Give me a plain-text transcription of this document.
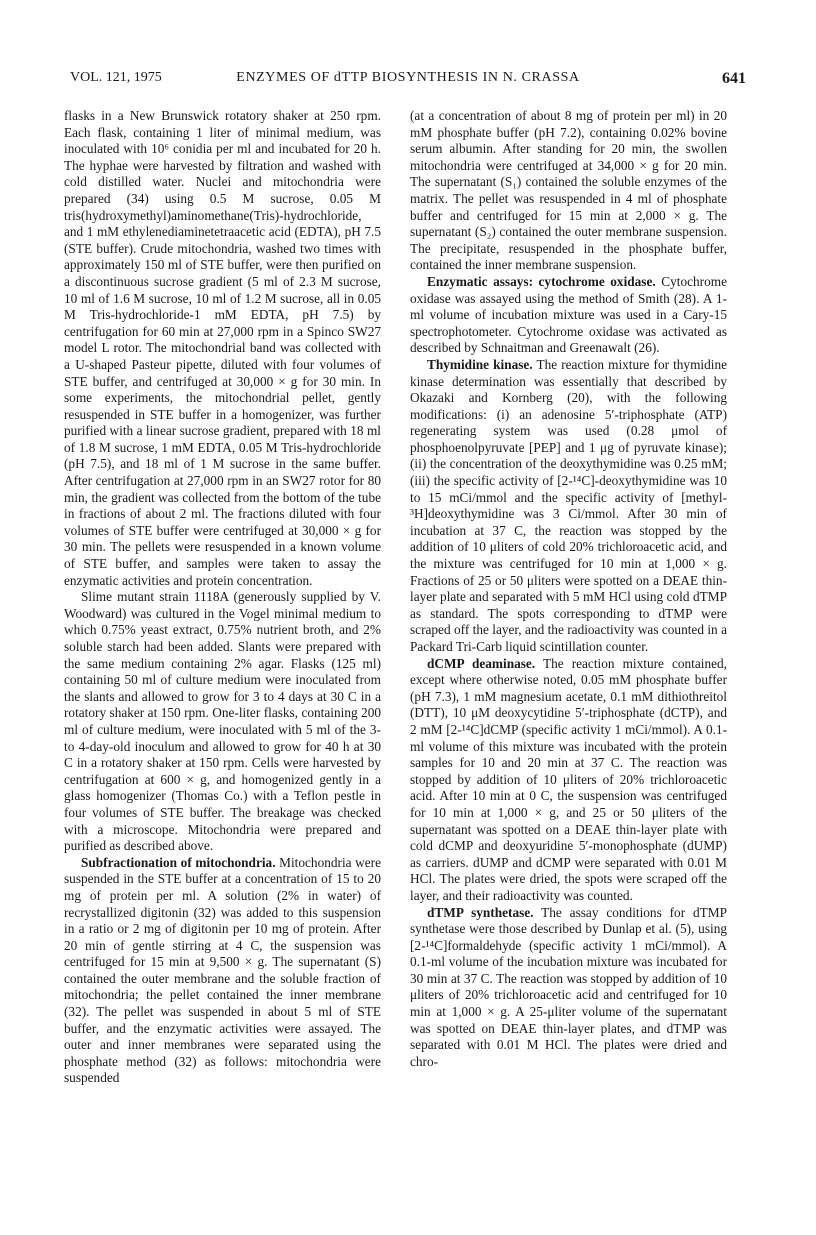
VOL. 121, 1975	ENZYMES OF dTTP BIOSYNTHESIS IN N. CRASSA	641

flasks in a New Brunswick rotatory shaker at 250 rpm. Each flask, containing 1 liter of minimal medium, was inoculated with 10⁶ conidia per ml and incubated for 20 h. The hyphae were harvested by filtration and washed with cold distilled water. Nuclei and mitochondria were prepared (34) using 0.5 M sucrose, 0.05 M tris(hydroxymethyl)aminomethane(Tris)-hydrochloride, and 1 mM ethylenediaminetetraacetic acid (EDTA), pH 7.5 (STE buffer). Crude mitochondria, washed two times with approximately 150 ml of STE buffer, were then purified on a discontinuous sucrose gradient (5 ml of 2.3 M sucrose, 10 ml of 1.6 M sucrose, 10 ml of 1.2 M sucrose, all in 0.05 M Tris-hydrochloride-1 mM EDTA, pH 7.5) by centrifugation for 60 min at 27,000 rpm in a Spinco SW27 model L rotor. The mitochondrial band was collected with a U-shaped Pasteur pipette, diluted with four volumes of STE buffer, and centrifuged at 30,000 × g for 30 min. In some experiments, the mitochondrial pellet, gently resuspended in STE buffer in a homogenizer, was further purified with a linear sucrose gradient, prepared with 18 ml of 1.8 M sucrose, 1 mM EDTA, 0.05 M Tris-hydrochloride (pH 7.5), and 18 ml of 1 M sucrose in the same buffer. After centrifugation at 27,000 rpm in an SW27 rotor for 80 min, the gradient was collected from the bottom of the tube in fractions of about 2 ml. The fractions diluted with four volumes of STE buffer were centrifuged at 30,000 × g for 30 min. The pellets were resuspended in a known volume of STE buffer, and samples were taken to assay the enzymatic activities and protein concentration.

Slime mutant strain 1118A (generously supplied by V. Woodward) was cultured in the Vogel minimal medium to which 0.75% yeast extract, 0.75% nutrient broth, and 2% soluble starch had been added. Slants were prepared with the same medium containing 2% agar. Flasks (125 ml) containing 50 ml of culture medium were inoculated from the slants and allowed to grow for 3 to 4 days at 30 C in a rotatory shaker at 150 rpm. One-liter flasks, containing 200 ml of culture medium, were inoculated with 5 ml of the 3- to 4-day-old inoculum and allowed to grow for 40 h at 30 C in a rotatory shaker at 150 rpm. Cells were harvested by centrifugation at 600 × g, and homogenized gently in a glass homogenizer (Thomas Co.) with a Teflon pestle in four volumes of STE buffer. The breakage was checked with a microscope. Mitochondria were prepared and purified as described above.

Subfractionation of mitochondria. Mitochondria were suspended in the STE buffer at a concentration of 15 to 20 mg of protein per ml. A solution (2% in water) of recrystallized digitonin (32) was added to this suspension in a ratio or 2 mg of digitonin per 10 mg of protein. After 20 min of gentle stirring at 4 C, the suspension was centrifuged for 15 min at 9,500 × g. The supernatant (S) contained the outer membrane and the soluble fraction of mitochondria; the pellet contained the inner membrane (32). The pellet was suspended in about 5 ml of STE buffer, and the enzymatic activities were assayed. The outer and inner membranes were separated using the phosphate method (32) as follows: mitochondria were suspended

(at a concentration of about 8 mg of protein per ml) in 20 mM phosphate buffer (pH 7.2), containing 0.02% bovine serum albumin. After standing for 20 min, the swollen mitochondria were centrifuged at 34,000 × g for 20 min. The supernatant (S₁) contained the soluble enzymes of the matrix. The pellet was resuspended in 4 ml of phosphate buffer and centrifuged for 15 min at 2,000 × g. The supernatant (S₂) contained the outer membrane suspension. The precipitate, resuspended in the phosphate buffer, contained the inner membrane suspension.

Enzymatic assays: cytochrome oxidase. Cytochrome oxidase was assayed using the method of Smith (28). A 1-ml volume of incubation mixture was used in a Cary-15 spectrophotometer. Cytochrome oxidase was activated as described by Schnaitman and Greenawalt (26).

Thymidine kinase. The reaction mixture for thymidine kinase determination was essentially that described by Okazaki and Kornberg (20), with the following modifications: (i) an adenosine 5′-triphosphate (ATP) regenerating system was used (0.28 μmol of phosphoenolpyruvate [PEP] and 1 μg of pyruvate kinase); (ii) the concentration of the deoxythymidine was 0.25 mM; (iii) the specific activity of [2-¹⁴C]-deoxythymidine was 10 to 15 mCi/mmol and the specific activity of [methyl-³H]deoxythymidine was 3 Ci/mmol. After 30 min of incubation at 37 C, the reaction was stopped by the addition of 10 μliters of cold 20% trichloroacetic acid, and the mixture was centrifuged for 10 min at 1,000 × g. Fractions of 25 or 50 μliters were spotted on a DEAE thin-layer plate and separated with 5 mM HCl using cold dTMP as standard. The spots corresponding to dTMP were scraped off the layer, and the radioactivity was counted in a Packard Tri-Carb liquid scintillation counter.

dCMP deaminase. The reaction mixture contained, except where otherwise noted, 0.05 mM phosphate buffer (pH 7.3), 1 mM magnesium acetate, 0.1 mM dithiothreitol (DTT), 10 μM deoxycytidine 5′-triphosphate (dCTP), and 2 mM [2-¹⁴C]dCMP (specific activity 1 mCi/mmol). A 0.1-ml volume of this mixture was incubated with the protein samples for 10 and 20 min at 37 C. The reaction was stopped by addition of 10 μliters of 20% trichloroacetic acid. After 10 min at 0 C, the suspension was centrifuged for 10 min at 1,000 × g, and 25 or 50 μliters of the supernatant was spotted on a DEAE thin-layer plate with cold dCMP and deoxyuridine 5′-monophosphate (dUMP) as carriers. dUMP and dCMP were separated with 0.01 M HCl. The plates were dried, the spots were scraped off the layer, and their radioactivity was counted.

dTMP synthetase. The assay conditions for dTMP synthetase were those described by Dunlap et al. (5), using [2-¹⁴C]formaldehyde (specific activity 1 mCi/mmol). A 0.1-ml volume of the incubation mixture was incubated for 30 min at 37 C. The reaction was stopped by addition of 10 μliters of 20% trichloroacetic acid and centrifuged for 10 min at 1,000 × g. A 25-μliter volume of the supernatant was spotted on DEAE thin-layer plates, and dTMP was separated with 0.01 M HCl. The plates were dried and chro-
